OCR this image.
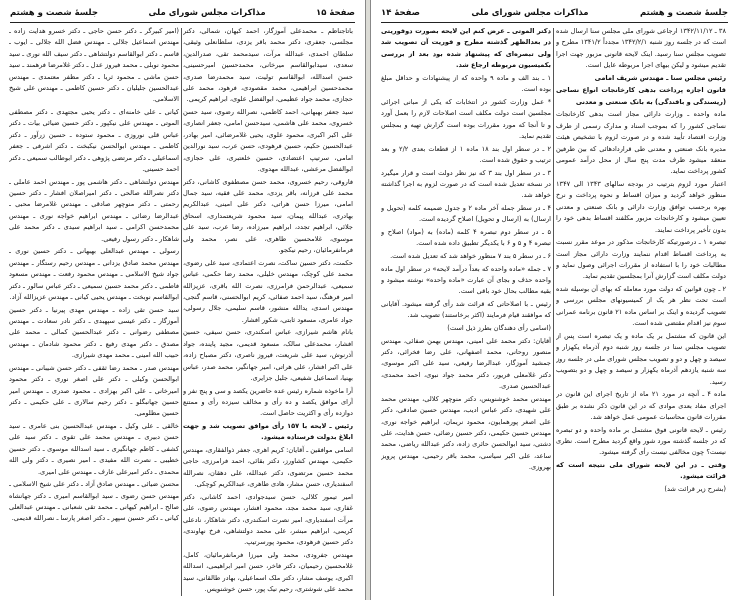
صفحهٔ ۱۵
مذاکرات مجلس شورای ملی
جلسهٔ شصت و هشتم

باتاجناظم ـ محمدعلی آموزگار، احمد کیهان، شمالی، دکتر مجلسی، جعفری، دکتر محمد باقر یزدی، سلطانعلی وثیقی، سلطان احمدی، عبدالله مرآت، سیدمحمد تقی، صدرالدین، سعدی، سیدابوالقاسم میرخانی، محمدحسین امیرحسینی، حسن اسدالله، ابوالقاسم تولیت، سید محمدرضا صدری، محمدحسین ابراهیمی، محمد مقصودی، فرهود، محمد علی حجازی، محمد جواد عظیمی، ابوالفضل علوی، ابراهیم کریمی.

سید جعفر بهبهانی، احمد کاظمی، نصرالله رضوی، سید حسن خسروی، محمد علی هاشمی، سیدحسن امامی، جعفر انصاری، علی اکبر اکبری، محمود علوی، یحیی غلامرضائی، امیر بهادر، عبدالحسین حکیم، حسین فرهودی، حسن عرب، سید نورالدین امامی، سرتیپ اعتضادی، حسین خلعتبری، علی حجازی، ابوالفضل مرعشی، عبدالله مهدوی.

فاروقی، رحیم خسروی، محمد حسن مصطفوی کاشانی، دکتر محمد علی فرزانه، باقر یزدی، محمد علی فقیه، سید جمال امامی، میرزا حسن هراتی، دکتر علی امینی، عبدالکریم بهادری، عبدالله پیمان، سید محمود شریعتمداری، اسحاق جلائی، ابراهیم تجدد، ابراهیم میرزاده، رضا عرب، سید علی موسوی، غلامحسین طاهری، علی نصر، محمد ولی فرمانفرمائیان، رحیم نیکجو.

حکمت، دکتر حسین ساکت، نصرت اعتمادی، سید علی رضوی، محمد علی کوچک، مهندس خلیلی، محمد رضا حکمی، عباس سمیعی، عبدالرحمن فرامرزی، نصرت الله باقری، عزیزالله امیر فرهنگ، سید احمد صفائی، کریم ابوالحسنی، قاسم گنجی، مهندس اسدی، یدالله منشور، قاسم سلیمی، جلال رسولی، جواد عامری، مسعود ثابتی، شکور افشار.

بانام هاشم شیرازی، عباس اسکندری، حسن سیفی، حسین افشار، محمدعلی سالک، مسعود قدیمی، مجید پاینده، جواد آذرنوش، سید علی شریعت، فیروز ناصری، دکتر مصباح زاده، علی اکبر افشار، علی هراتی، امیر جهانگیر، محمد صدر، عباس بهنیا، اسماعیل شفیعی، جلیل جزایری.

آرا ماخوذه شماره رئیس عده حاضرین یکصد و سی و پنج نفر و آرای موافق یکصد و ده رأی و مخالف سیزده رأی و ممتنع دوازده رأی و اکثریت حاصل است.

رئیس ـ لایحه با ۱۵۷ رأی موافق تصویب شد و جهت ابلاغ بدولت فرستاده میشود.

اسامی موافقین ـ آقایان: کریم اهری، جعفر ذوالفقاری، مهندس حکیمی، مهندس کشاورز، دکتر بقائی، احمد فرامرزی، حاجی محمد حسین مرتضوی، دکتر عبدالله، علی دهقان، نصرالله اسفندیاری، حسن مشار، هادی طاهری، عبدالکریم کوچکی.

امیر تیمور کلالی، حسن سیدجوادی، احمد کاشانی، دکتر غفاری، سید محمد مجد، محمود افشار، مهندس رضوی، علی مرآت اسفندیاری، امیر نصرت اسکندری، دکتر شاهکار، نادعلی کریمی، ابراهیم مبشر، علی محمد دولتشاهی، فرخ نهاوندی، دکتر حسین فرهودی، محمود پورسرتیپ.

مهندس جفرودی، محمد ولی میرزا فرمانفرمائیان، کامل، غلامحسین رحیمیان، دکتر فاخر، حسن امیر ابراهیمی، اسدالله اکبری، یوسف مشار، دکتر ملک اسماعیلی، بهادر طالقانی، سید محمد علی شوشتری، رحیم نیک پور، حسن خوشنویس.

(امیر کبیرگر ـ دکتر حسن حاجی ـ دکتر خسرو هدایت زاده ـ مهندس اسماعیل جلالی ـ مهندس فضل الله جلالی ـ ایوب ـ قاسم ـ دکتر ابوالقاسم دولتشاهی ـ دکتر سیف الله نوری ـ سید محمود نوبلی ـ محمد فیروز عدل ـ دکتر غلامرضا فرهمند ـ سید حسن ماشی ـ محمود ثریا ـ دکتر مظفر معتمدی ـ مهندس عبدالحسین جلیلیان ـ دکتر حسین کاظمی ـ مهندس علی شیخ الاسلامی.

کیانی ـ علی خامنه‌ای ـ دکتر یحیی مجتهدی ـ دکتر مصطفی الموتی ـ مهندس علی نیکپور ـ دکتر حسین ضیائی بیات ـ دکتر عباس قلی نوروزی ـ محمود ستوده ـ حسین زرآور ـ دکتر کاظمی ـ مهندس ابوالحسن نیکبخت ـ دکتر اشرفی ـ جعفر اسماعیلی ـ دکتر مرتضی پژوهی ـ دکتر ابوطالب سمیعی ـ دکتر احمد حسینی.

مهندس دولتشاهی ـ دکتر هاشمی پور ـ مهندس احمد عاملی ـ دکتر نصرالله صالحی ـ دکتر امیراصلان افشار ـ دکتر حسین رحمتی ـ دکتر منوچهر صادقی ـ مهندس غلامرضا محبی ـ عبدالرضا رضائی ـ مهندس ابراهیم خواجه نوری ـ مهندس محمدحسن اکرامی ـ سید ابراهیم سیدی ـ دکتر محمد علی شاهکار ـ دکتر رسول رفیعی.

رسولی ـ مهندس عبدالعلی بهبهانی ـ دکتر حسین نوری ـ مهندس محمد صادق یزدانی ـ مهندس رحیم رستگار ـ مهندس جواد شیخ الاسلامی ـ مهندس محمود رفعت ـ مهندس مسعود فاطمی ـ دکتر محمد حسین سمیعی ـ دکتر عباس سالور ـ دکتر ابوالقاسم نوبخت ـ مهندس یحیی کیانی ـ مهندس عزیزالله آزاد.

سید حسن تقی زاده ـ مهندس مهدی پیرنیا ـ دکتر حسین آموزگار ـ دکتر عیسی سپهبدی ـ دکتر نادر سعادت ـ مهندس مصطفی رضوانی ـ دکتر عبدالحسین کمالی ـ محمد علی مصدق ـ دکتر مهدی رفیع ـ دکتر محمود شادمان ـ مهندس حبیب الله امینی ـ محمد مهدی شیرازی.

مهندس صدر ـ محمد رضا ثقفی ـ دکتر حسن شیبانی ـ مهندس ابوالحسن وکیلی ـ دکتر علی اصغر نوری ـ دکتر محمود امیرخانی ـ علی اکبر بهزادی ـ محمود صدری ـ مهندس امیر حسین جهانبگلو ـ دکتر رحیم سالاری ـ علی حکیمی ـ دکتر حسین مظلومی.

خالقی ـ علی وکیل ـ مهندس عبدالحسین بنی عامری ـ سید حسن دبیری ـ مهندس محمد علی تقوی ـ دکتر سید علی کشفی ـ کاظم جهانگیری ـ سید اسدالله موسوی ـ دکتر حسین خطیبی ـ نصرت الله مفیدی ـ امیر نصیری ـ دکتر ولی الله محمدی ـ دکتر امیرعلی عارف ـ مهندس علی امیری.

محسن ضیائی ـ مهندس صادق آزاد ـ دکتر علی شیخ الاسلامی ـ مهندس حسن رضوی ـ سید ابوالقاسم امیری ـ دکتر جهانشاه صالح ـ ابراهیم کیهانی ـ محمد تقی شعبانی ـ مهندس عبدالعلی کیانی ـ دکتر حسین سپهر ـ دکتر اصغر پارسا ـ نصرالله قدیمی.

جلسهٔ شصت و هشتم
مذاکرات مجلس شورای ملی
صفحهٔ ۱۴

۳۸ ـ ۱۳۴۲/۱۱/۱۲ ارجاعی شورای ملی مجلس سنا ارسال شده است که در جلسه روز شنبه ۱۳۴۲/۲/۱ مجدداً ۱۳۴۱/۲ مطرح و تصویب مجلس سنا رسید. اینک لایحه قانونی مزبور جهت اجرا تقدیم میشود و لیکن بیهای اجرا مربوطه عایل است.

رئیس مجلس سنا ـ مهندس شریف امامی

قانون اجازه پرداخت بدهی کارخانجات انواع نساجی (ریسندگی و بافندگی) به بانک صنعتی و معدنی

ماده واحده ـ وزارت دارائی مجاز است بدهی کارخانجات نساجی کشور را که بموجب اسناد و مدارک رسمی از طرف وزارت اقتصاد تأیید شده و در صورت لزوم با تشخیص هیئت مدیره بانک صنعتی و معدنی طی قراردادهائی که بین طرفین منعقد میشود ظرف مدت پنج سال از محل درآمد عمومی کشور پرداخت نماید.

اعتبار مورد لزوم بترتیب در بودجه سالهای ۱۳۴۳ الی ۱۳۴۷ منظور خواهد گردید و میزان اقساط و نحوه پرداخت و نرخ بهره برحسب توافق وزارت دارائی و بانک صنعتی و معدنی تعیین میشود و کارخانجات مزبور مکلفند اقساط بدهی خود را بدون تأخیر پرداخت نمایند.

تبصره ۱ ـ درصورتیکه کارخانجات مذکور در موعد مقرر نسبت به پرداخت اقساط اقدام ننمایند وزارت دارائی مجاز است مطالبات خود را با استفاده از مقررات اجرائی وصول نماید و دولت مکلف است گزارش آنرا بمجلسین تقدیم نماید.

۲ ـ چون قوانین که دولت مورد معامله که بهای آن بوسیله شده است تحت نظر هر یک از کمیسیونهای مجلس بررسی و تصویب گردیده و اینک بر اساس ماده ۲۱ قانون برنامه عمرانی سوم نیز اقدام مقتضی شده است.

این قانون که مشتمل بر یک ماده و یک تبصره است پس از تصویب مجلس سنا در جلسه روز شنبه دوم آذرماه یکهزار و سیصد و چهل و دو و تصویب مجلس شورای ملی در جلسه روز سه شنبه یازدهم آذرماه یکهزار و سیصد و چهل و دو بتصویب رسید.

ماده ۴ ـ آنچه در مورد ۲۱ ماه از تاریخ اجرای این قانون در اجرای مفاد بعدی موادی که در این قانون ذکر نشده بر طبق مقررات قانون محاسبات عمومی عمل خواهد شد.

رئیس ـ لایحه قانونی فوق مشتمل بر ماده واحده و دو تبصره که در جلسه گذشته مورد شور واقع گردید مطرح است. نظری نیست؟ چون مخالفی نیست رأی گرفته میشود.

وقتی ـ در این لایحه شورای ملی نتیجه است که قرائت میشود.

(بشرح زیر قرائت شد)

دکتر الموتی ـ عرض کنم این لایحه بصورت دوفوریتی در بعدالظهر گذشته مطرح و فوریت آن تصویب شد ولی تبصره‌ای که پیشنهاد شده بود بعد از بررسی بکمیسیون مربوطه ارجاع شد.

۱ ـ بند الف و ماده ۹ واحده که از پیشنهادات و حداقل مبلغ بوده است.

* عمل وزارت کشور در انتخابات که یکی از مبانی اجرائی مجلسین است دولت مکلف است اصلاحات لازم را بعمل آورد و تا آنجا که مورد مقررات بوده است گزارش تهیه و بمجلس تقدیم نماید.

۲ ـ در سطر اول بند ۱۸ ماده ۱ از قطعات بعدی ۲/۲ و بعد ترتیب و حقوق شده است.

۳ ـ در سطر اول بند ۳ که نیز نظر دولت است و قرار میگیرد در نسخه تعدیل شده است که در صورت لزوم به اجرا گذاشته خواهد شد.

۴ ـ در سطر جمله آخر ماده ۲ و جدول ضمیمه کلمه (تحویل و ارسال) به (ارسال و تحویل) اصلاح گردیده است.

۵ ـ در سطر دوم تبصره ۴ کلمه (ماده) به (مواد) اصلاح و تبصره ۴ و ۵ و ۶ با یکدیگر تطبیق داده شده است.

۶ ـ در سطر ۵ بند ۷ منظور خواهد شد که تعدیل شده است.

۷ ـ جمله «ماده واحده که بعداً درآمد لایحه» در سطر اول ماده واحده حذف و بجای آن عبارت «ماده واحده» نوشته میشود و بقیه مطالب بحال خود باقی است.

رئیس ـ با اصلاحاتی که قرائت شد رأی گرفته میشود. آقایانی که موافقند قیام فرمایند (اکثر برخاستند) تصویب شد.

(اسامی رأی دهندگان بطرز ذیل است)

آقایان: دکتر محمد علی امینی، مهندس بهمن صفائی، مهندس منصور روحانی، محمد اصفهانی، علی رضا فخرائی، دکتر جمشید آموزگار، عبدالرضا رفیعی، سید علی اکبر موسوی، دکتر غلامعلی فریور، دکتر محمد جواد نبوی، احمد محمدی، عبدالحسین صدری.

مهندس محمد خوشنویس، دکتر منوچهر کلالی، مهندس محمد علی شهیدی، دکتر عباس ادیب، مهندس حسین صادقی، دکتر علی اصغر پورهمایون، محمود نریمان، ابراهیم خواجه نوری، مهندس حسین حکیمی، دکتر حسین رضائی، حسن هدایت، علی دشتی، سید ابوالحسن حائری زاده، دکتر عبدالله ریاضی، محمد ساعد، علی اکبر سیاسی، محمد باقر رحیمی، مهندس پرویز بهروزی.
